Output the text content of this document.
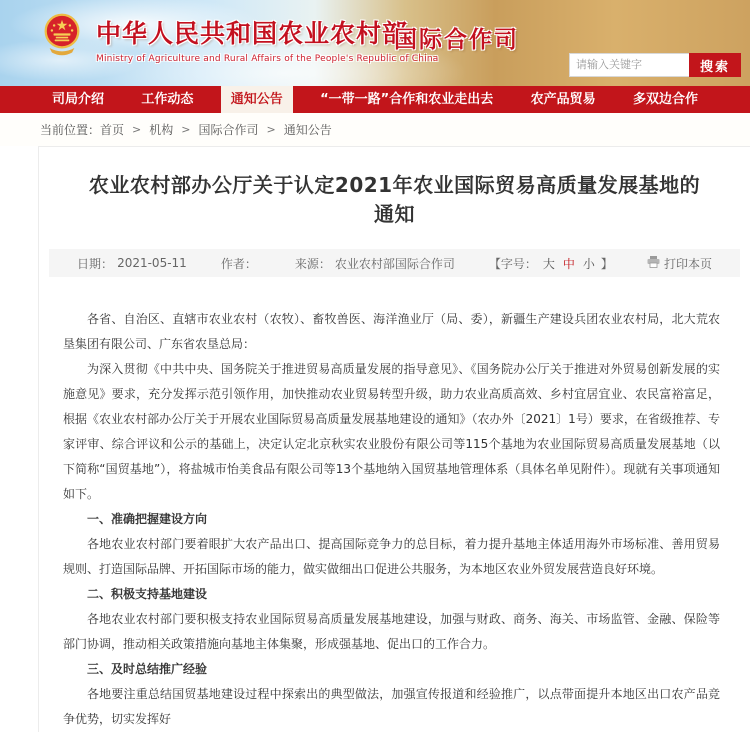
中华人民共和国农业农村部
Ministry of Agriculture and Rural Affairs of the People's Republic of China
国际合作司
请输入关键字
搜索
司局介绍	工作动态	通知公告	“一带一路”合作和农业走出去	农产品贸易	多双边合作
当前位置： 首页 > 机构 > 国际合作司 > 通知公告
农业农村部办公厅关于认定2021年农业国际贸易高质量发展基地的通知
日期： 2021-05-11	作者：	来源： 农业农村部国际合作司	【字号： 大 中 小 】	打印本页

各省、自治区、直辖市农业农村（农牧）、畜牧兽医、海洋渔业厅（局、委），新疆生产建设兵团农业农村局，北大荒农垦集团有限公司、广东省农垦总局：

为深入贯彻《中共中央、国务院关于推进贸易高质量发展的指导意见》、《国务院办公厅关于推进对外贸易创新发展的实施意见》要求，充分发挥示范引领作用，加快推动农业贸易转型升级，助力农业高质高效、乡村宜居宜业、农民富裕富足，根据《农业农村部办公厅关于开展农业国际贸易高质量发展基地建设的通知》（农办外〔2021〕1号）要求，在省级推荐、专家评审、综合评议和公示的基础上，决定认定北京秋实农业股份有限公司等115个基地为农业国际贸易高质量发展基地（以下简称“国贸基地”），将盐城市怡美食品有限公司等13个基地纳入国贸基地管理体系（具体名单见附件）。现就有关事项通知如下。

一、准确把握建设方向

各地农业农村部门要着眼扩大农产品出口、提高国际竞争力的总目标，着力提升基地主体适用海外市场标准、善用贸易规则、打造国际品牌、开拓国际市场的能力，做实做细出口促进公共服务，为本地区农业外贸发展营造良好环境。

二、积极支持基地建设

各地农业农村部门要积极支持农业国际贸易高质量发展基地建设，加强与财政、商务、海关、市场监管、金融、保险等部门协调，推动相关政策措施向基地主体集聚，形成强基地、促出口的工作合力。

三、及时总结推广经验

各地要注重总结国贸基地建设过程中探索出的典型做法，加强宣传报道和经验推广，以点带面提升本地区出口农产品竞争优势，切实发挥好
